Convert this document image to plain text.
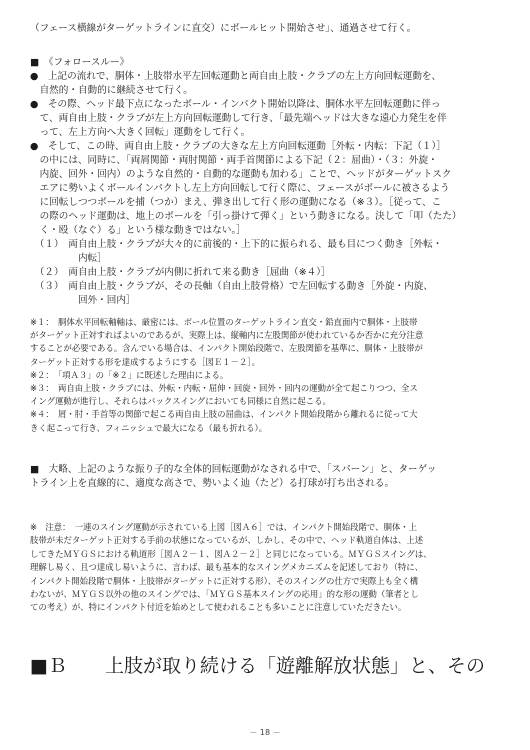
（フェース横線がターゲットラインに直交）にボールヒット開始させ」、通過させて行く。
■　《フォロースルー》
●　上記の流れで、胴体・上肢帯水平左回転運動と両自由上肢・クラブの左上方向回転運動を、
　自然的・自動的に継続させて行く。
●　その際、ヘッド最下点になったボール・インパクト開始以降は、胴体水平左回転運動に伴っ
　て、両自由上肢・クラブが左上方向回転運動して行き、「最先端ヘッドは大きな遠心力発生を伴
　って、左上方向へ大きく回転」運動をして行く。
●　そして、この時、両自由上肢・クラブの大きな左上方向回転運動［外転・内転：下記（１）］
　の中には、同時に、「両屑関節・両肘関節・両手首関節による下記（２：屈曲）・（３：外旋・
　内旋、回外・回内）のような自然的・自動的な運動も加わる」ことで、ヘッドがターゲットスク
　エアに勢いよくボールインパクトし左上方向回転して行く際に、フェースがボールに被さるよう
　に回転しつつボールを捕（つか）まえ、弾き出して行く形の運動になる（※３）。［従って、こ
　の際のヘッド運動は、地上のボールを「引っ掛けて弾く」という動きになる。決して「叩（たた）
　く・殴（なぐ）る」という様な動きではない。］
　（１）　両自由上肢・クラブが大々的に前後的・上下的に振られる、最も目につく動き［外転・
　　　　　内転］
　（２）　両自由上肢・クラブが内側に折れて来る動き［屈曲（※４）］
　（３）　両自由上肢・クラブが、その長軸（自由上肢骨格）で左回転する動き［外旋・内旋、
　　　　　回外・回内］
※１：　胴体水平回転軸軸は、厳密には、ボール位置のターゲットライン直交・鉛直面内で胴体・上肢帯
がターゲット正対すればよいのであるが、実際上は、縦軸内に左股関節が使われているか否かに充分注意
することが必要である。含んでいる場合は、インパクト開始段階で、左股関節を基準に、胴体・上肢帯が
ターゲット正対する形を達成するようにする［図Ｅ１－２］。
※２：　「項Ａ３」の「※２」に既述した理由による。
※３：　両自由上肢・クラブには、外転・内転・屈伸・回旋・回外・回内の運動が全て起こりつつ、全ス
イング運動が進行し、それらはバックスイングにおいても同様に自然に起こる。
※４：　屑・肘・手首等の関節で起こる両自由上肢の屈曲は、インパクト開始段階から離れるに従って大
きく起こって行き、フィニッシュで最大になる（最も折れる）。
■　大略、上記のような振り子的な全体的回転運動がなされる中で、「スパーン」と、ターゲッ
トライン上を直線的に、適度な高さで、勢いよく辿（たど）る打球が打ち出される。
※　注意：　一連のスイング運動が示されている上図［図Ａ６］では、インパクト開始段階で、胴体・上
肢帯が未だターゲット正対する手前の状態になっているが、しかし、その中で、ヘッド軌道自体は、上述
してきたＭＹＧＳにおける軌道形［図Ａ２－１、図Ａ２－２］と同じになっている。ＭＹＧＳスイングは、
理解し易く、且つ達成し易いように、言わば、最も基本的なスイングメカニズムを記述しており（特に、
インパクト開始段階で胴体・上肢帯がターゲットに正対する形）、そのスイングの仕方で実際上も全く構
わないが、ＭＹＧＳ以外の他のスイングでは、「ＭＹＧＳ基本スイングの応用」的な形の運動（筆者とし
ての考え）が、特にインパクト付近を始めとして使われることも多いことに注意していただきたい。
■Ｂ　　上肢が取り続ける「遊離解放状態」と、その
－ 18 －
